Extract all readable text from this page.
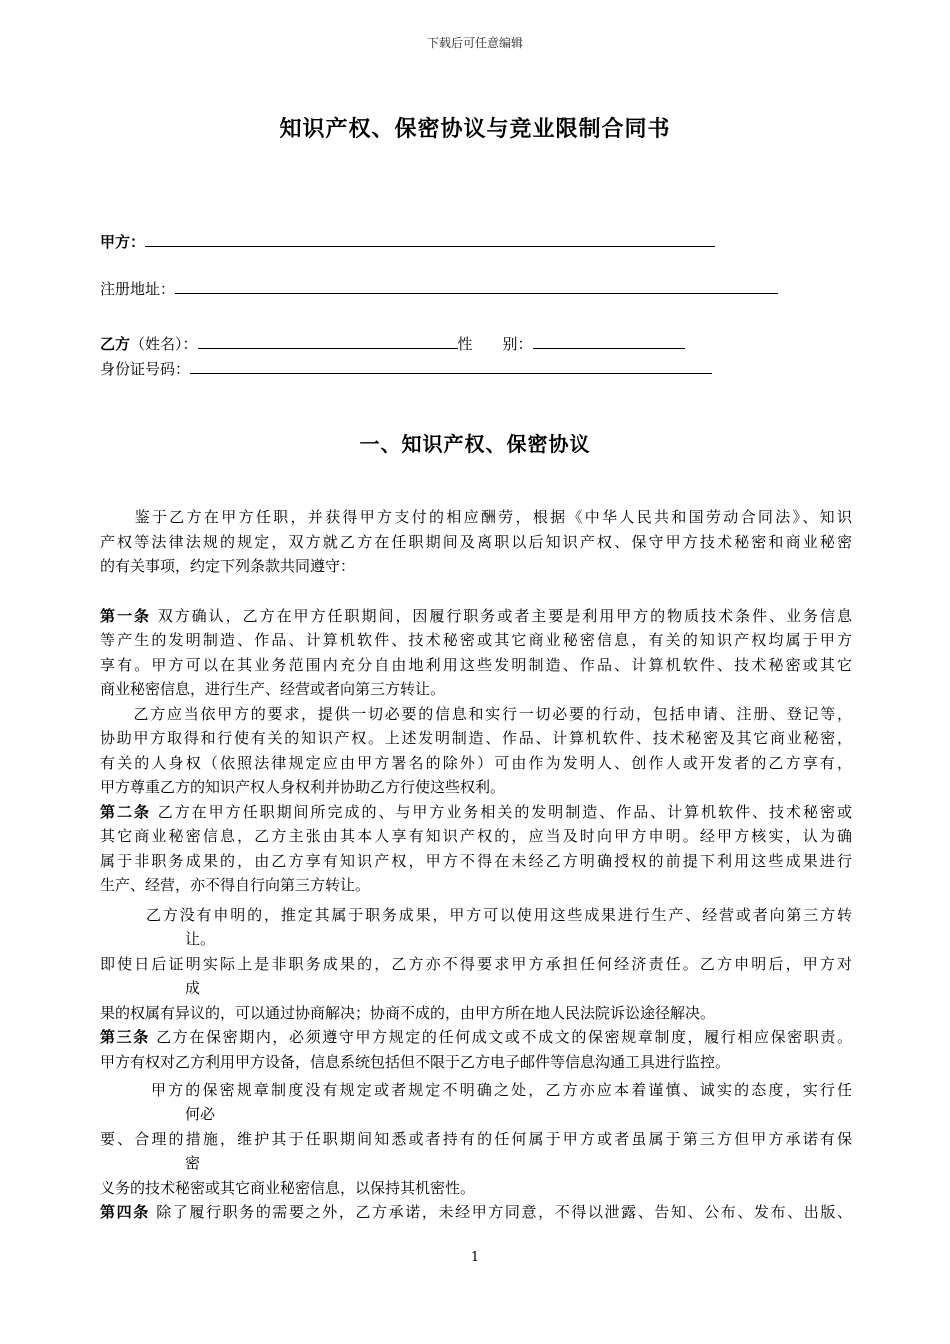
下载后可任意编辑
知识产权、保密协议与竞业限制合同书
甲方：
注册地址：
乙方（姓名）：	性　　别：
身份证号码：
一、知识产权、保密协议
　　鉴于乙方在甲方任职，并获得甲方支付的相应酬劳，根据《中华人民共和国劳动合同法》、知识
产权等法律法规的规定，双方就乙方在任职期间及离职以后知识产权、保守甲方技术秘密和商业秘密
的有关事项，约定下列条款共同遵守：
第一条 双方确认，乙方在甲方任职期间，因履行职务或者主要是利用甲方的物质技术条件、业务信息
等产生的发明制造、作品、计算机软件、技术秘密或其它商业秘密信息，有关的知识产权均属于甲方
享有。甲方可以在其业务范围内充分自由地利用这些发明制造、作品、计算机软件、技术秘密或其它
商业秘密信息，进行生产、经营或者向第三方转让。
　　乙方应当依甲方的要求，提供一切必要的信息和实行一切必要的行动，包括申请、注册、登记等，
协助甲方取得和行使有关的知识产权。上述发明制造、作品、计算机软件、技术秘密及其它商业秘密，
有关的人身权（依照法律规定应由甲方署名的除外）可由作为发明人、创作人或开发者的乙方享有，
甲方尊重乙方的知识产权人身权利并协助乙方行使这些权利。
第二条 乙方在甲方任职期间所完成的、与甲方业务相关的发明制造、作品、计算机软件、技术秘密或
其它商业秘密信息，乙方主张由其本人享有知识产权的，应当及时向甲方申明。经甲方核实，认为确
属于非职务成果的，由乙方享有知识产权，甲方不得在未经乙方明确授权的前提下利用这些成果进行
生产、经营，亦不得自行向第三方转让。
乙方没有申明的，推定其属于职务成果，甲方可以使用这些成果进行生产、经营或者向第三方转
让。
即使日后证明实际上是非职务成果的，乙方亦不得要求甲方承担任何经济责任。乙方申明后，甲方对
成
果的权属有异议的，可以通过协商解决；协商不成的，由甲方所在地人民法院诉讼途径解决。
第三条 乙方在保密期内，必须遵守甲方规定的任何成文或不成文的保密规章制度，履行相应保密职责。
甲方有权对乙方利用甲方设备，信息系统包括但不限于乙方电子邮件等信息沟通工具进行监控。
甲方的保密规章制度没有规定或者规定不明确之处，乙方亦应本着谨慎、诚实的态度，实行任
何必
要、合理的措施，维护其于任职期间知悉或者持有的任何属于甲方或者虽属于第三方但甲方承诺有保
密
义务的技术秘密或其它商业秘密信息，以保持其机密性。
第四条 除了履行职务的需要之外，乙方承诺，未经甲方同意，不得以泄露、告知、公布、发布、出版、
1
